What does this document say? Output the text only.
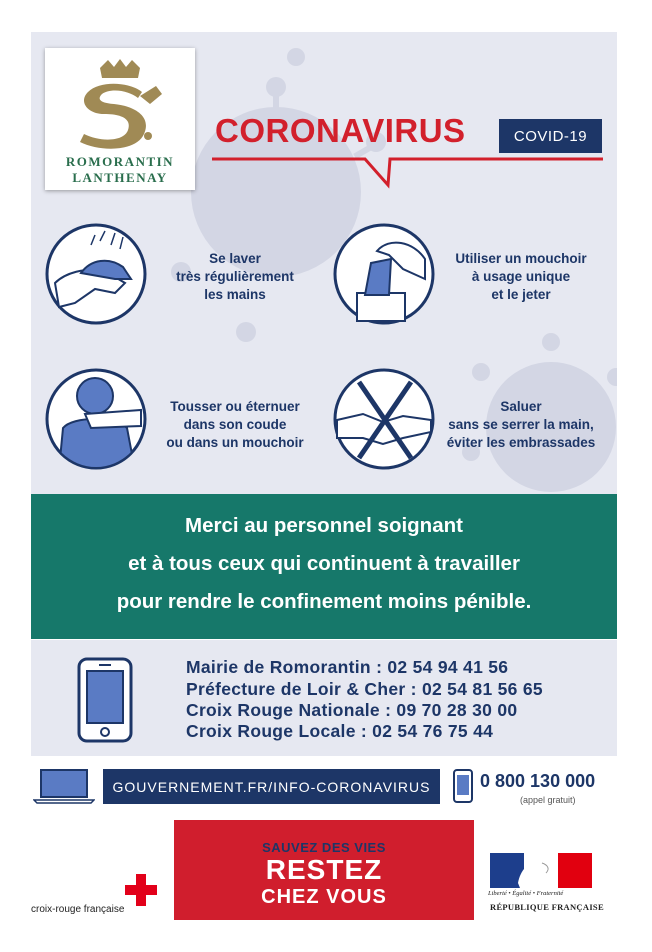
ROMORANTIN
LANTHENAY
CORONAVIRUS	COVID-19
Se laver
très régulièrement
les mains
Utiliser un mouchoir
à usage unique
et le jeter
Tousser ou éternuer
dans son coude
ou dans un mouchoir
Saluer
sans se serrer la main,
éviter les embrassades
Merci au personnel soignant
et à tous ceux qui continuent à travailler
pour rendre le confinement moins pénible.
Mairie de Romorantin : 02 54 94 41 56
Préfecture de Loir & Cher : 02 54 81 56 65
Croix Rouge Nationale : 09 70 28 30 00
Croix Rouge Locale : 02 54 76 75 44
GOUVERNEMENT.FR/INFO-CORONAVIRUS	0 800 130 000
(appel gratuit)
croix-rouge française
SAUVEZ DES VIES
RESTEZ
CHEZ VOUS	Liberté • Égalité • Fraternité
RÉPUBLIQUE FRANÇAISE
